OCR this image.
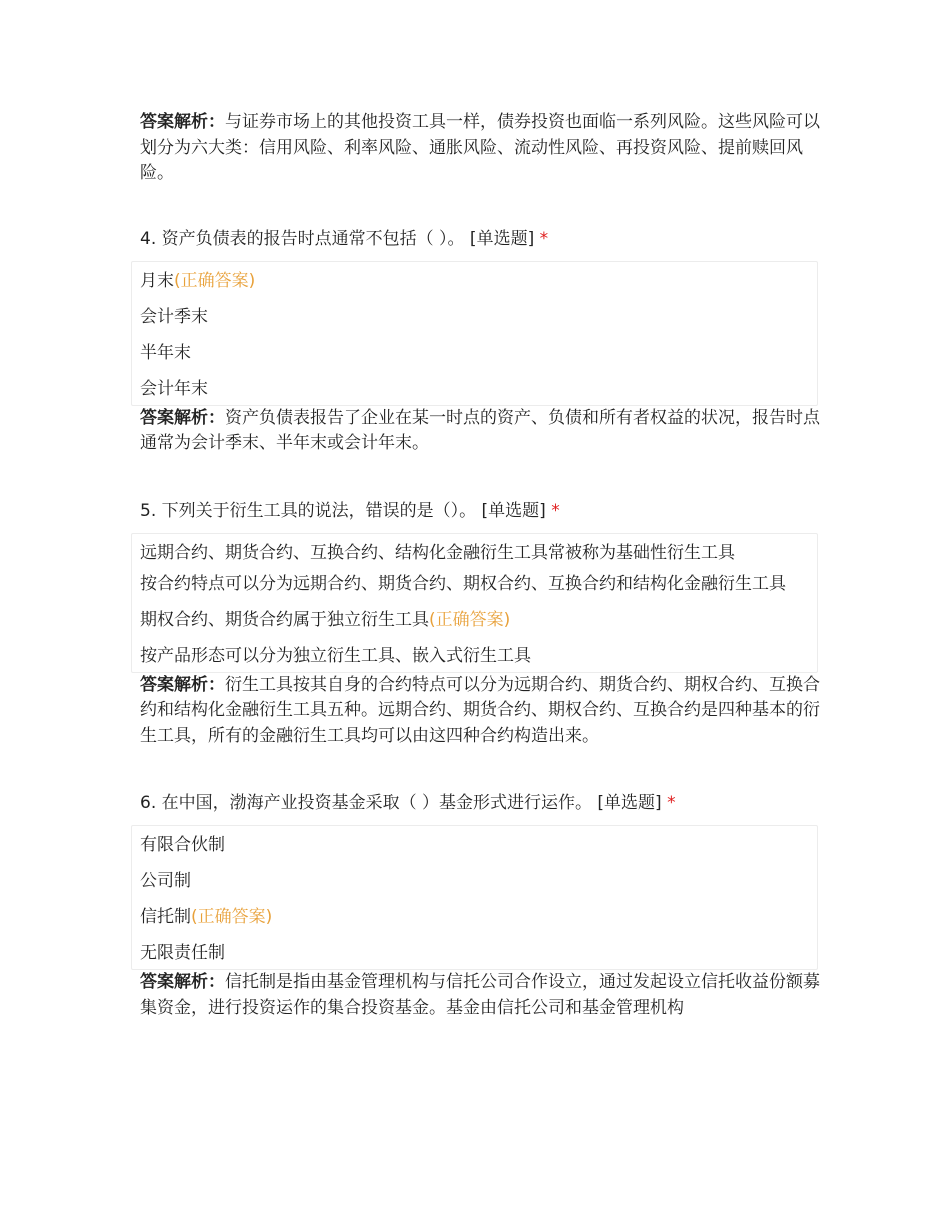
答案解析：与证券市场上的其他投资工具一样，债券投资也面临一系列风险。这些风险可以划分为六大类：信用风险、利率风险、通胀风险、流动性风险、再投资风险、提前赎回风险。

4. 资产负债表的报告时点通常不包括（ ）。 [单选题] *

月末(正确答案)
会计季末
半年末
会计年末

答案解析：资产负债表报告了企业在某一时点的资产、负债和所有者权益的状况，报告时点通常为会计季末、半年末或会计年末。

5. 下列关于衍生工具的说法，错误的是（）。 [单选题] *

远期合约、期货合约、互换合约、结构化金融衍生工具常被称为基础性衍生工具
按合约特点可以分为远期合约、期货合约、期权合约、互换合约和结构化金融衍生工具
期权合约、期货合约属于独立衍生工具(正确答案)
按产品形态可以分为独立衍生工具、嵌入式衍生工具

答案解析：衍生工具按其自身的合约特点可以分为远期合约、期货合约、期权合约、互换合约和结构化金融衍生工具五种。远期合约、期货合约、期权合约、互换合约是四种基本的衍生工具，所有的金融衍生工具均可以由这四种合约构造出来。

6. 在中国，渤海产业投资基金采取（ ）基金形式进行运作。 [单选题] *

有限合伙制
公司制
信托制(正确答案)
无限责任制

答案解析：信托制是指由基金管理机构与信托公司合作设立，通过发起设立信托收益份额募集资金，进行投资运作的集合投资基金。基金由信托公司和基金管理机构
